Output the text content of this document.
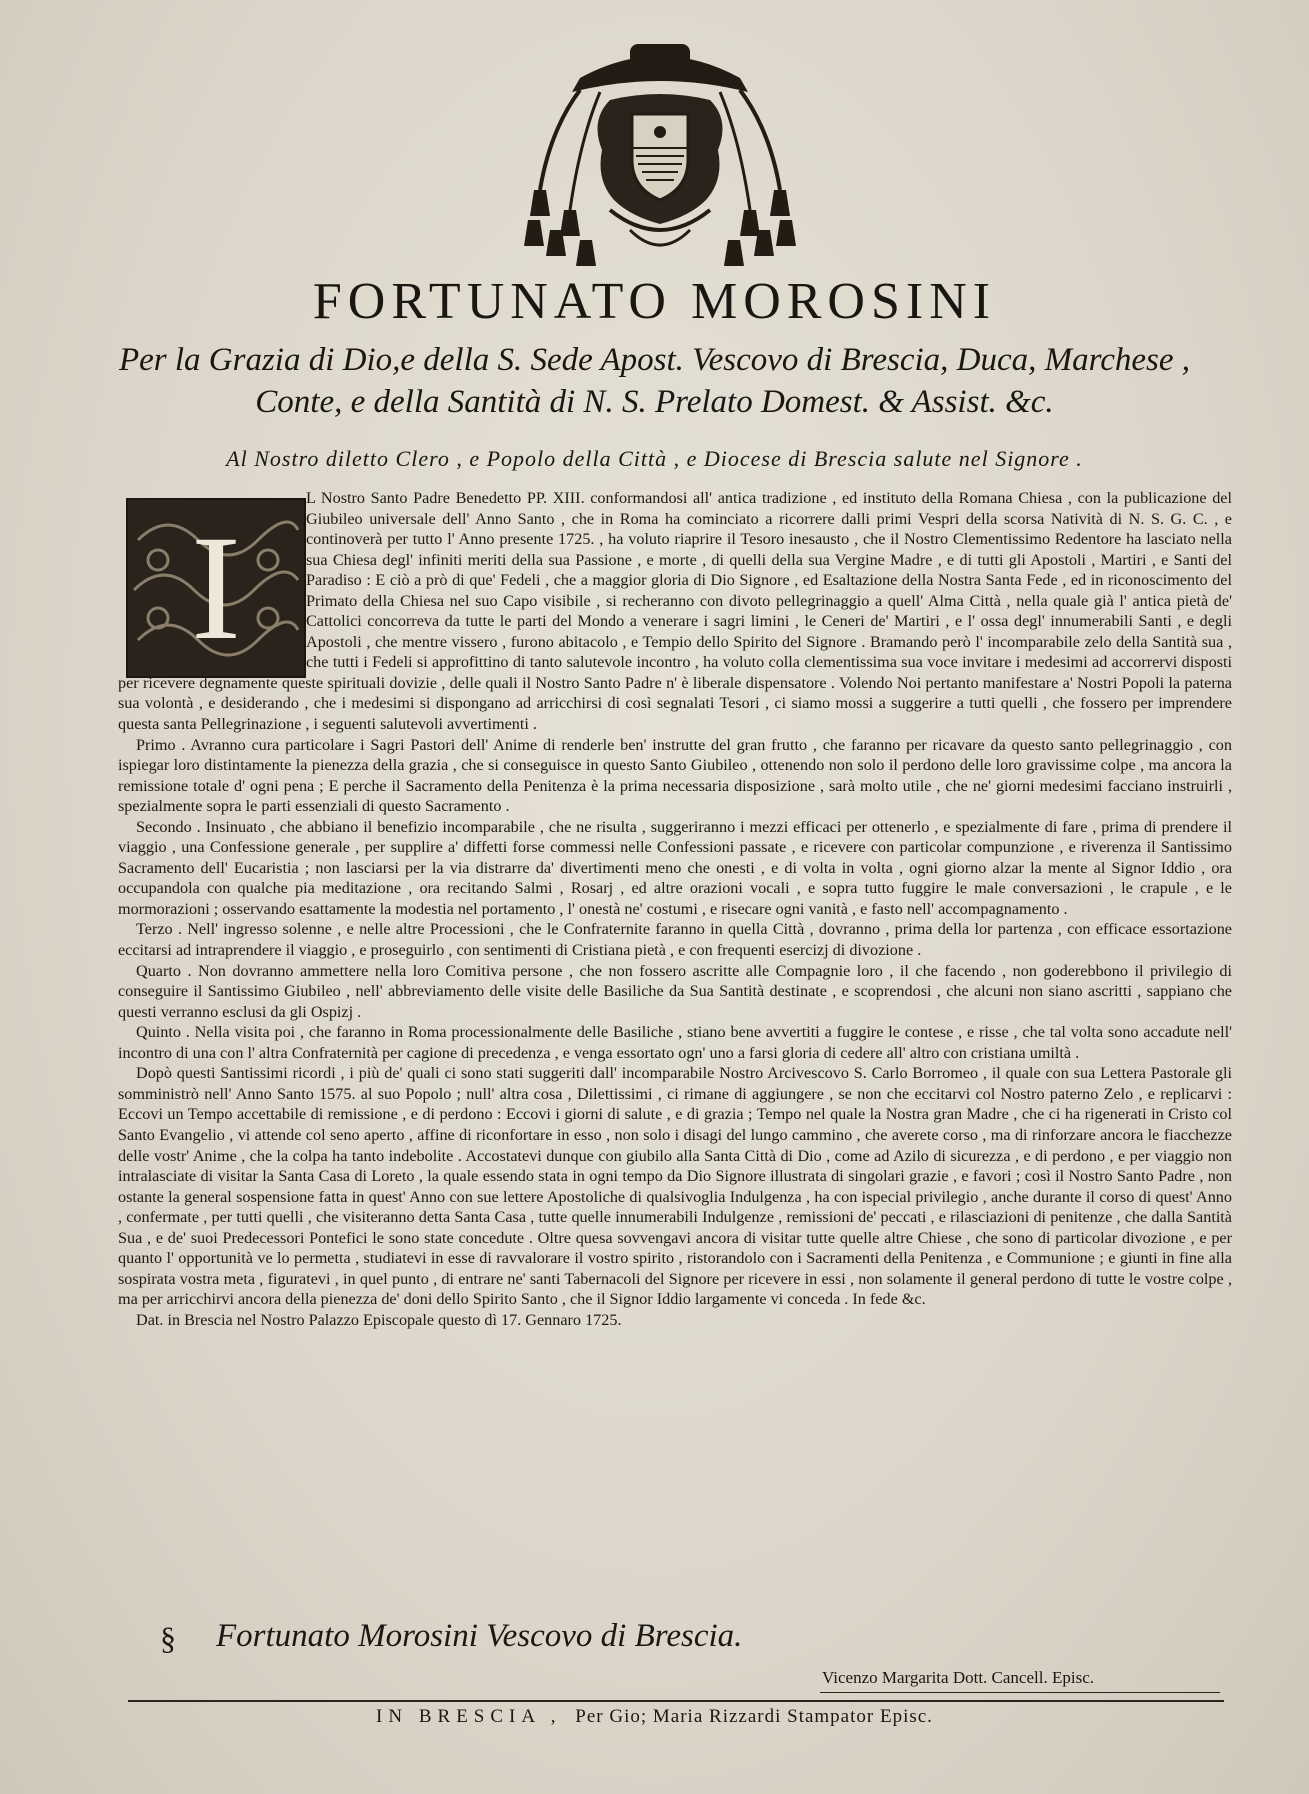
FORTUNATO MOROSINI
Per la Grazia di Dio,e della S. Sede Apost. Vescovo di Brescia, Duca, Marchese ,
Conte, e della Santità di N. S. Prelato Domest. & Assist. &c.
Al Nostro diletto Clero , e Popolo della Città , e Diocese di Brescia salute nel Signore .
I

L Nostro Santo Padre Benedetto PP. XIII. conformandosi all' antica tradizione , ed instituto della Romana Chiesa , con la publicazione del Giubileo universale dell' Anno Santo , che in Roma ha cominciato a ricorrere dalli primi Vespri della scorsa Natività di N. S. G. C. , e continoverà per tutto l' Anno presente 1725. , ha voluto riaprire il Tesoro inesausto , che il Nostro Clementissimo Redentore ha lasciato nella sua Chiesa degl' infiniti meriti della sua Passione , e morte , di quelli della sua Vergine Madre , e di tutti gli Apostoli , Martiri , e Santi del Paradiso : E ciò a prò di que' Fedeli , che a maggior gloria di Dio Signore , ed Esaltazione della Nostra Santa Fede , ed in riconoscimento del Primato della Chiesa nel suo Capo visibile , si recheranno con divoto pellegrinaggio a quell' Alma Città , nella quale già l' antica pietà de' Cattolici concorreva da tutte le parti del Mondo a venerare i sagri limini , le Ceneri de' Martiri , e l' ossa degl' innumerabili Santi , e degli Apostoli , che mentre vissero , furono abitacolo , e Tempio dello Spirito del Signore . Bramando però l' incomparabile zelo della Santità sua , che tutti i Fedeli si approfittino di tanto salutevole incontro , ha voluto colla clementissima sua voce invitare i medesimi ad accorrervi disposti per ricevere degnamente queste spirituali dovizie , delle quali il Nostro Santo Padre n' è liberale dispensatore . Volendo Noi pertanto manifestare a' Nostri Popoli la paterna sua volontà , e desiderando , che i medesimi si dispongano ad arricchirsi di così segnalati Tesori , ci siamo mossi a suggerire a tutti quelli , che fossero per imprendere questa santa Pellegrinazione , i seguenti salutevoli avvertimenti .

Primo . Avranno cura particolare i Sagri Pastori dell' Anime di renderle ben' instrutte del gran frutto , che faranno per ricavare da questo santo pellegrinaggio , con ispiegar loro distintamente la pienezza della grazia , che si conseguisce in questo Santo Giubileo , ottenendo non solo il perdono delle loro gravissime colpe , ma ancora la remissione totale d' ogni pena ; E perche il Sacramento della Penitenza è la prima necessaria disposizione , sarà molto utile , che ne' giorni medesimi facciano instruirli , spezialmente sopra le parti essenziali di questo Sacramento .

Secondo . Insinuato , che abbiano il benefizio incomparabile , che ne risulta , suggeriranno i mezzi efficaci per ottenerlo , e spezialmente di fare , prima di prendere il viaggio , una Confessione generale , per supplire a' diffetti forse commessi nelle Confessioni passate , e ricevere con particolar compunzione , e riverenza il Santissimo Sacramento dell' Eucaristia ; non lasciarsi per la via distrarre da' divertimenti meno che onesti , e di volta in volta , ogni giorno alzar la mente al Signor Iddio , ora occupandola con qualche pia meditazione , ora recitando Salmi , Rosarj , ed altre orazioni vocali , e sopra tutto fuggire le male conversazioni , le crapule , e le mormorazioni ; osservando esattamente la modestia nel portamento , l' onestà ne' costumi , e risecare ogni vanità , e fasto nell' accompagnamento .

Terzo . Nell' ingresso solenne , e nelle altre Processioni , che le Confraternite faranno in quella Città , dovranno , prima della lor partenza , con efficace essortazione eccitarsi ad intraprendere il viaggio , e proseguirlo , con sentimenti di Cristiana pietà , e con frequenti esercizj di divozione .

Quarto . Non dovranno ammettere nella loro Comitiva persone , che non fossero ascritte alle Compagnie loro , il che facendo , non goderebbono il privilegio di conseguire il Santissimo Giubileo , nell' abbreviamento delle visite delle Basiliche da Sua Santità destinate , e scoprendosi , che alcuni non siano ascritti , sappiano che questi verranno esclusi da gli Ospizj .

Quinto . Nella visita poi , che faranno in Roma processionalmente delle Basiliche , stiano bene avvertiti a fuggire le contese , e risse , che tal volta sono accadute nell' incontro di una con l' altra Confraternità per cagione di precedenza , e venga essortato ogn' uno a farsi gloria di cedere all' altro con cristiana umiltà .

Dopò questi Santissimi ricordi , i più de' quali ci sono stati suggeriti dall' incomparabile Nostro Arcivescovo S. Carlo Borromeo , il quale con sua Lettera Pastorale gli somministrò nell' Anno Santo 1575. al suo Popolo ; null' altra cosa , Dilettissimi , ci rimane di aggiungere , se non che eccitarvi col Nostro paterno Zelo , e replicarvi : Eccovi un Tempo accettabile di remissione , e di perdono : Eccovi i giorni di salute , e di grazia ; Tempo nel quale la Nostra gran Madre , che ci ha rigenerati in Cristo col Santo Evangelio , vi attende col seno aperto , affine di riconfortare in esso , non solo i disagi del lungo cammino , che averete corso , ma di rinforzare ancora le fiacchezze delle vostr' Anime , che la colpa ha tanto indebolite . Accostatevi dunque con giubilo alla Santa Città di Dio , come ad Azilo di sicurezza , e di perdono , e per viaggio non intralasciate di visitar la Santa Casa di Loreto , la quale essendo stata in ogni tempo da Dio Signore illustrata di singolari grazie , e favori ; così il Nostro Santo Padre , non ostante la general sospensione fatta in quest' Anno con sue lettere Apostoliche di qualsivoglia Indulgenza , ha con ispecial privilegio , anche durante il corso di quest' Anno , confermate , per tutti quelli , che visiteranno detta Santa Casa , tutte quelle innumerabili Indulgenze , remissioni de' peccati , e rilasciazioni di penitenze , che dalla Santità Sua , e de' suoi Predecessori Pontefici le sono state concedute . Oltre quesa sovvengavi ancora di visitar tutte quelle altre Chiese , che sono di particolar divozione , e per quanto l' opportunità ve lo permetta , studiatevi in esse di ravvalorare il vostro spirito , ristorandolo con i Sacramenti della Penitenza , e Communione ; e giunti in fine alla sospirata vostra meta , figuratevi , in quel punto , di entrare ne' santi Tabernacoli del Signore per ricevere in essi , non solamente il general perdono di tutte le vostre colpe , ma per arricchirvi ancora della pienezza de' doni dello Spirito Santo , che il Signor Iddio largamente vi conceda . In fede &c.

Dat. in Brescia nel Nostro Palazzo Episcopale questo dì 17. Gennaro 1725.

§ Fortunato Morosini Vescovo di Brescia.
Vicenzo Margarita Dott. Cancell. Episc.
IN BRESCIA , Per Gio; Maria Rizzardi Stampator Episc.
